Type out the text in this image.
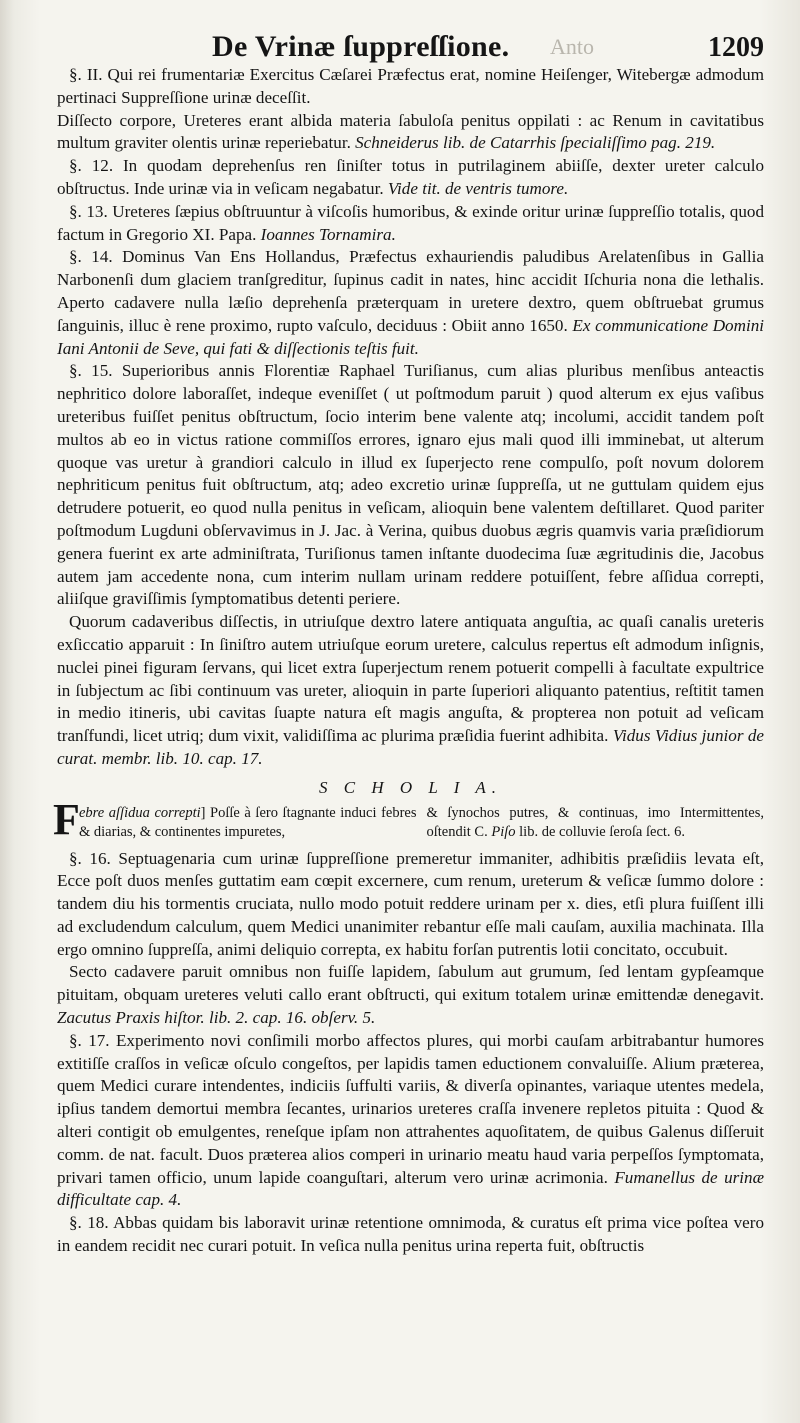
De Vrinæ ſuppreſſione. Anto	1209

§. II. Qui rei frumentariæ Exercitus Cæſarei Præfectus erat, nomine Heiſenger, Witebergæ admodum pertinaci Suppreſſione urinæ deceſſit.

Diſſecto corpore, Ureteres erant albida materia ſabuloſa penitus oppilati : ac Renum in cavitatibus multum graviter olentis urinæ reperiebatur. Schneiderus lib. de Catarrhis ſpecialiſſimo pag. 219.

§. 12. In quodam deprehenſus ren ſiniſter totus in putrilaginem abiiſſe, dexter ureter calculo obſtructus. Inde urinæ via in veſicam negabatur. Vide tit. de ventris tumore.

§. 13. Ureteres ſæpius obſtruuntur à viſcoſis humoribus, & exinde oritur urinæ ſuppreſſio totalis, quod factum in Gregorio XI. Papa. Ioannes Tornamira.

§. 14. Dominus Van Ens Hollandus, Præfectus exhauriendis paludibus Arelatenſibus in Gallia Narbonenſi dum glaciem tranſgreditur, ſupinus cadit in nates, hinc accidit Iſchuria nona die lethalis. Aperto cadavere nulla læſio deprehenſa præterquam in uretere dextro, quem obſtruebat grumus ſanguinis, illuc è rene proximo, rupto vaſculo, deciduus : Obiit anno 1650. Ex communicatione Domini Iani Antonii de Seve, qui fati & diſſectionis teſtis fuit.

§. 15. Superioribus annis Florentiæ Raphael Turiſianus, cum alias pluribus menſibus anteactis nephritico dolore laboraſſet, indeque eveniſſet ( ut poſtmodum paruit ) quod alterum ex ejus vaſibus ureteribus fuiſſet penitus obſtructum, ſocio interim bene valente atq; incolumi, accidit tandem poſt multos ab eo in victus ratione commiſſos errores, ignaro ejus mali quod illi imminebat, ut alterum quoque vas uretur à grandiori calculo in illud ex ſuperjecto rene compulſo, poſt novum dolorem nephriticum penitus fuit obſtructum, atq; adeo excretio urinæ ſuppreſſa, ut ne guttulam quidem ejus detrudere potuerit, eo quod nulla penitus in veſicam, alioquin bene valentem deſtillaret. Quod pariter poſtmodum Lugduni obſervavimus in J. Jac. à Verina, quibus duobus ægris quamvis varia præſidiorum genera fuerint ex arte adminiſtrata, Turiſionus tamen inſtante duodecima ſuæ ægritudinis die, Jacobus autem jam accedente nona, cum interim nullam urinam reddere potuiſſent, febre aſſidua correpti, aliiſque graviſſimis ſymptomatibus detenti periere.

Quorum cadaveribus diſſectis, in utriuſque dextro latere antiquata anguſtia, ac quaſi canalis ureteris exſiccatio apparuit : In ſiniſtro autem utriuſque eorum uretere, calculus repertus eſt admodum inſignis, nuclei pinei figuram ſervans, qui licet extra ſuperjectum renem potuerit compelli à facultate expultrice in ſubjectum ac ſibi continuum vas ureter, alioquin in parte ſuperiori aliquanto patentius, reſtitit tamen in medio itineris, ubi cavitas ſuapte natura eſt magis anguſta, & propterea non potuit ad veſicam tranſfundi, licet utriq; dum vixit, validiſſima ac plurima præſidia fuerint adhibita. Vidus Vidius junior de curat. membr. lib. 10. cap. 17.

S C H O L I A.
F ebre aſſidua correpti] Poſſe à ſero ſtagnante induci febres & diarias, & continentes impuretes,
& ſynochos putres, & continuas, imo Intermittentes, oſtendit C. Piſo lib. de colluvie ſeroſa ſect. 6.

§. 16. Septuagenaria cum urinæ ſuppreſſione premeretur immaniter, adhibitis præſidiis levata eſt, Ecce poſt duos menſes guttatim eam cœpit excernere, cum renum, ureterum & veſicæ ſummo dolore : tandem diu his tormentis cruciata, nullo modo potuit reddere urinam per x. dies, etſi plura fuiſſent illi ad excludendum calculum, quem Medici unanimiter rebantur eſſe mali cauſam, auxilia machinata. Illa ergo omnino ſuppreſſa, animi deliquio correpta, ex habitu forſan putrentis lotii concitato, occubuit.

Secto cadavere paruit omnibus non fuiſſe lapidem, ſabulum aut grumum, ſed lentam gypſeamque pituitam, obquam ureteres veluti callo erant obſtructi, qui exitum totalem urinæ emittendæ denegavit. Zacutus Praxis hiſtor. lib. 2. cap. 16. obſerv. 5.

§. 17. Experimento novi conſimili morbo affectos plures, qui morbi cauſam arbitrabantur humores extitiſſe craſſos in veſicæ oſculo congeſtos, per lapidis tamen eductionem convaluiſſe. Alium præterea, quem Medici curare intendentes, indiciis ſuffulti variis, & diverſa opinantes, variaque utentes medela, ipſius tandem demortui membra ſecantes, urinarios ureteres craſſa invenere repletos pituita : Quod & alteri contigit ob emulgentes, reneſque ipſam non attrahentes aquoſitatem, de quibus Galenus diſſeruit comm. de nat. facult. Duos præterea alios comperi in urinario meatu haud varia perpeſſos ſymptomata, privari tamen officio, unum lapide coanguſtari, alterum vero urinæ acrimonia. Fumanellus de urinæ difficultate cap. 4.

§. 18. Abbas quidam bis laboravit urinæ retentione omnimoda, & curatus eſt prima vice poſtea vero in eandem recidit nec curari potuit. In veſica nulla penitus urina reperta fuit, obſtructis
